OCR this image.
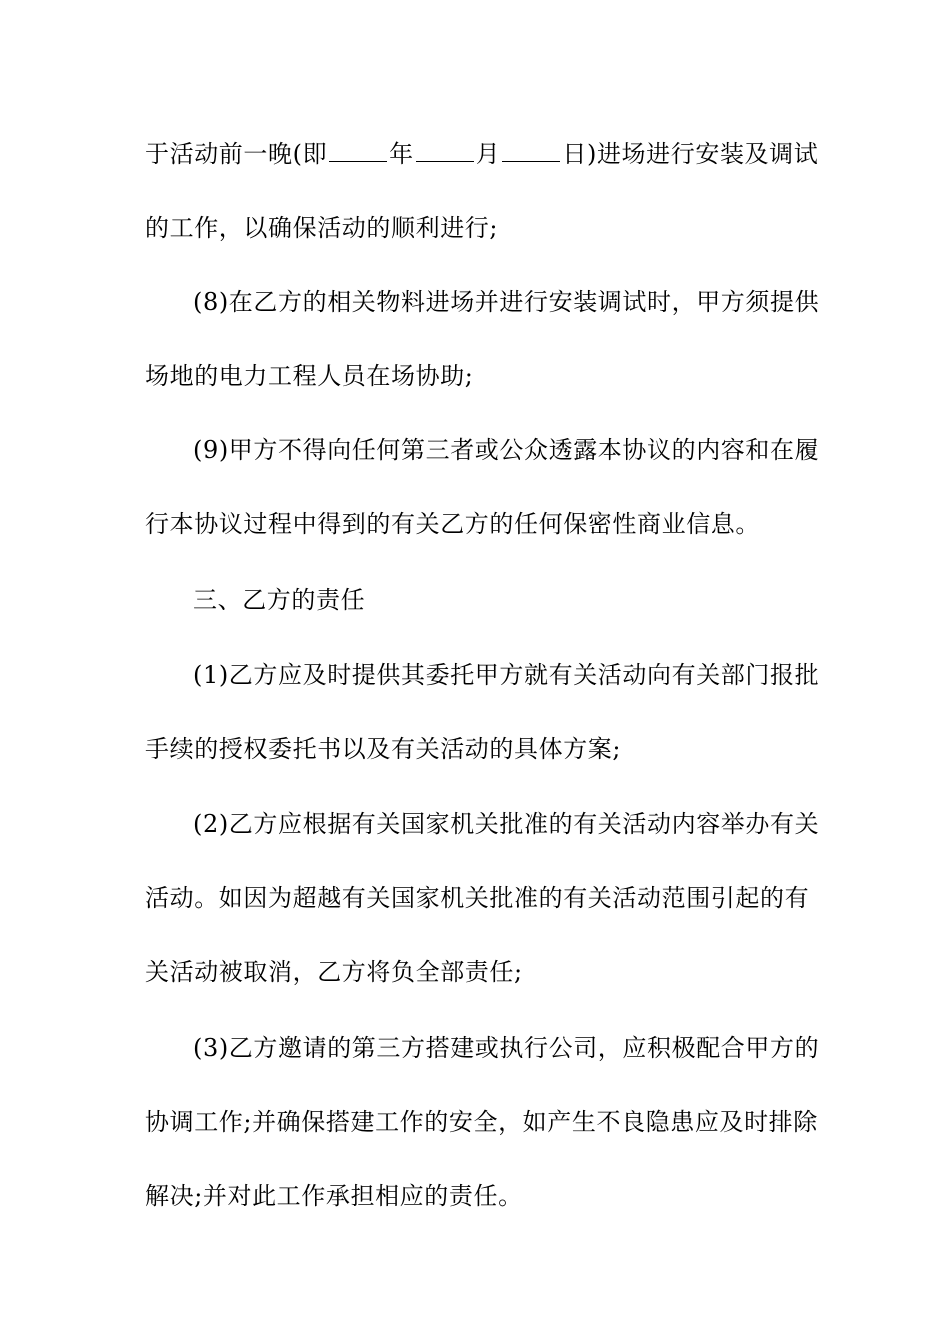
于活动前一晚(即	年	月	日)进场进行安装及调试
的工作，以确保活动的顺利进行;
(8)在乙方的相关物料进场并进行安装调试时，甲方须提供
场地的电力工程人员在场协助;
(9)甲方不得向任何第三者或公众透露本协议的内容和在履
行本协议过程中得到的有关乙方的任何保密性商业信息。
三、乙方的责任
(1)乙方应及时提供其委托甲方就有关活动向有关部门报批
手续的授权委托书以及有关活动的具体方案;
(2)乙方应根据有关国家机关批准的有关活动内容举办有关
活动。如因为超越有关国家机关批准的有关活动范围引起的有
关活动被取消，乙方将负全部责任;
(3)乙方邀请的第三方搭建或执行公司，应积极配合甲方的
协调工作;并确保搭建工作的安全，如产生不良隐患应及时排除
解决;并对此工作承担相应的责任。
